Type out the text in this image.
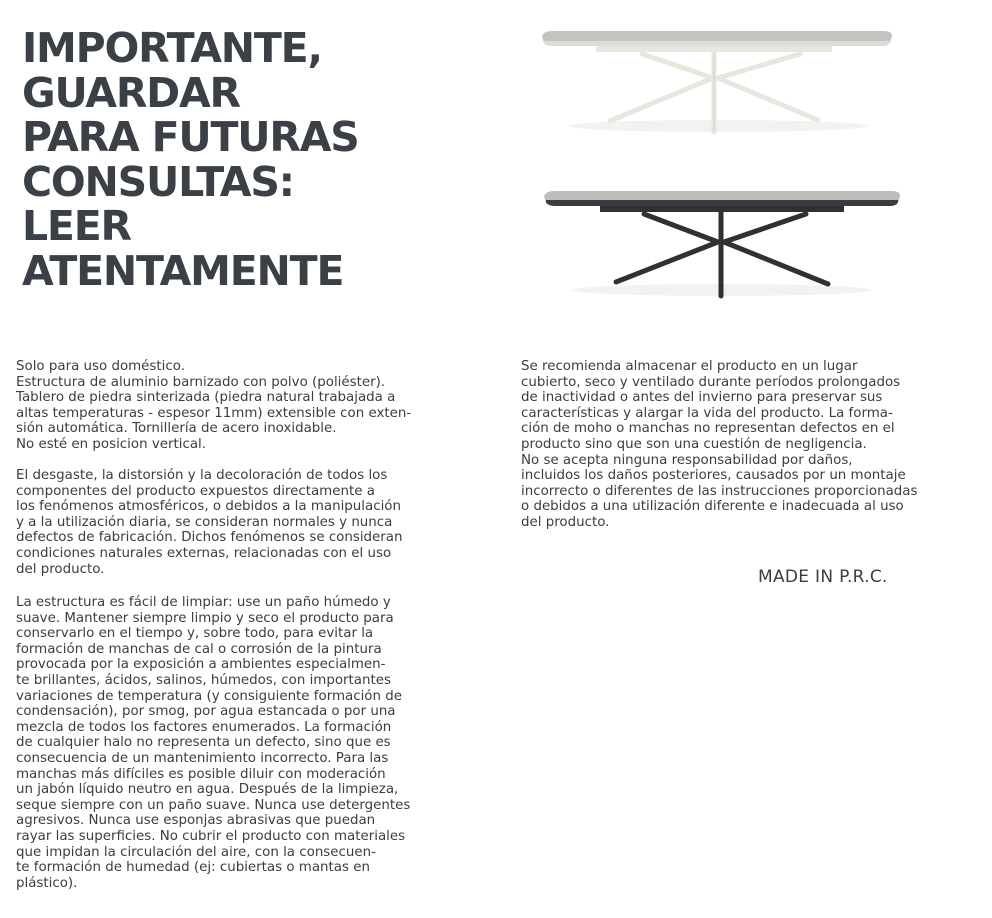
IMPORTANTE,
GUARDAR
PARA FUTURAS
CONSULTAS:
LEER
ATENTAMENTE
Solo para uso doméstico.
Estructura de aluminio barnizado con polvo (poliéster).
Tablero de piedra sinterizada (piedra natural trabajada a
altas temperaturas - espesor 11mm) extensible con exten-
sión automática. Tornillería de acero inoxidable.
No esté en posicion vertical.
El desgaste, la distorsión y la decoloración de todos los
componentes del producto expuestos directamente a
los fenómenos atmosféricos, o debidos a la manipulación
y a la utilización diaria, se consideran normales y nunca
defectos de fabricación. Dichos fenómenos se consideran
condiciones naturales externas, relacionadas con el uso
del producto.
La estructura es fácil de limpiar: use un paño húmedo y
suave. Mantener siempre limpio y seco el producto para
conservarlo en el tiempo y, sobre todo, para evitar la
formación de manchas de cal o corrosión de la pintura
provocada por la exposición a ambientes especialmen-
te brillantes, ácidos, salinos, húmedos, con importantes
variaciones de temperatura (y consiguiente formación de
condensación), por smog, por agua estancada o por una
mezcla de todos los factores enumerados. La formación
de cualquier halo no representa un defecto, sino que es
consecuencia de un mantenimiento incorrecto. Para las
manchas más difíciles es posible diluir con moderación
un jabón líquido neutro en agua. Después de la limpieza,
seque siempre con un paño suave. Nunca use detergentes
agresivos. Nunca use esponjas abrasivas que puedan
rayar las superficies. No cubrir el producto con materiales
que impidan la circulación del aire, con la consecuen-
te formación de humedad (ej: cubiertas o mantas en
plástico).
Se recomienda almacenar el producto en un lugar
cubierto, seco y ventilado durante períodos prolongados
de inactividad o antes del invierno para preservar sus
características y alargar la vida del producto. La forma-
ción de moho o manchas no representan defectos en el
producto sino que son una cuestión de negligencia.
No se acepta ninguna responsabilidad por daños,
incluidos los daños posteriores, causados por un montaje
incorrecto o diferentes de las instrucciones proporcionadas
o debidos a una utilización diferente e inadecuada al uso
del producto.
MADE IN P.R.C.
